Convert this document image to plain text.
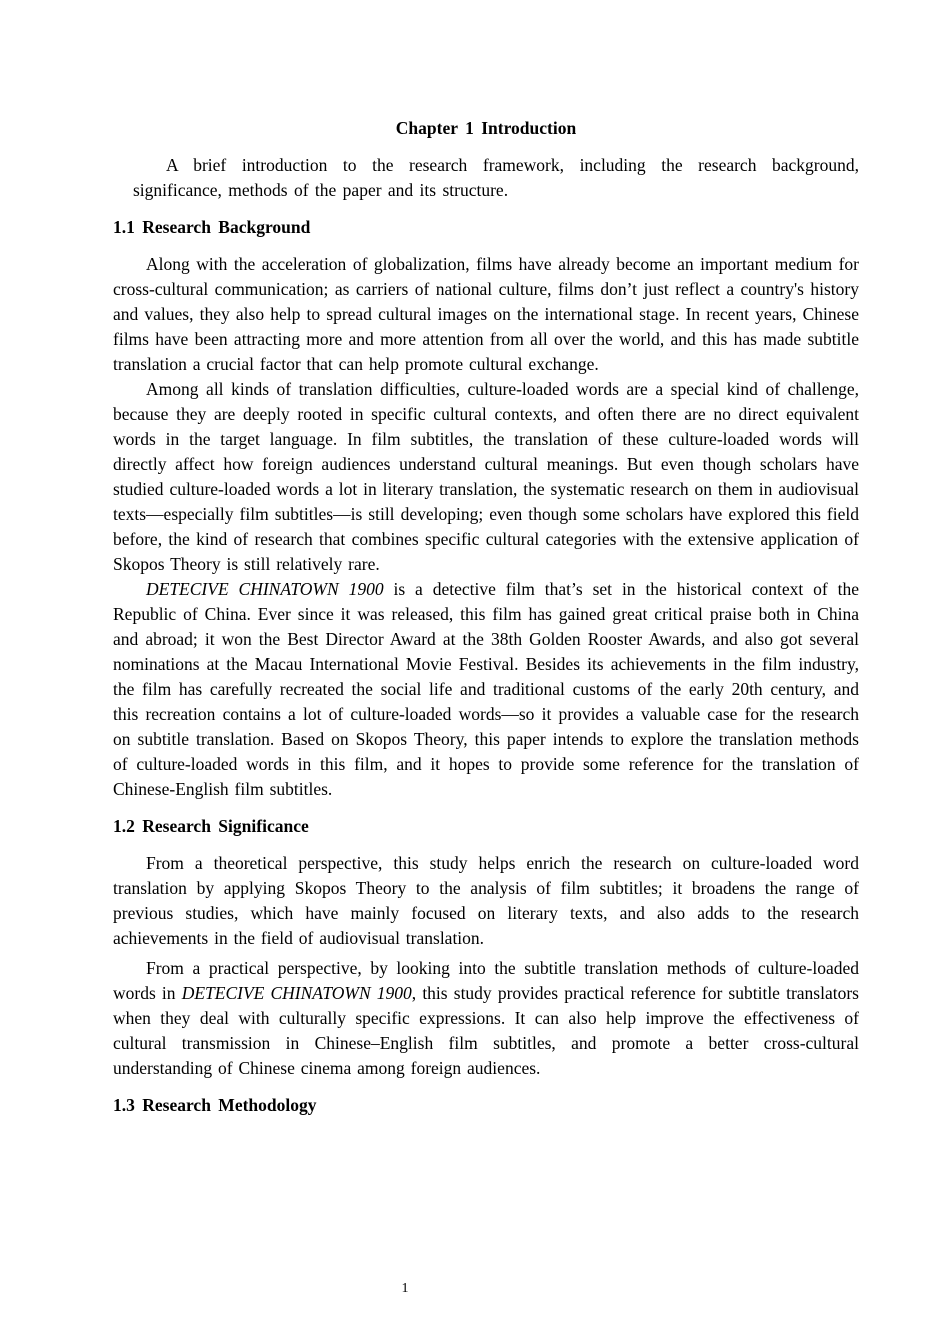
Chapter 1 Introduction

A brief introduction to the research framework, including the research background, significance, methods of the paper and its structure.

1.1 Research Background

Along with the acceleration of globalization, films have already become an important medium for cross-cultural communication; as carriers of national culture, films don’t just reflect a country's history and values, they also help to spread cultural images on the international stage. In recent years, Chinese films have been attracting more and more attention from all over the world, and this has made subtitle translation a crucial factor that can help promote cultural exchange.

Among all kinds of translation difficulties, culture-loaded words are a special kind of challenge, because they are deeply rooted in specific cultural contexts, and often there are no direct equivalent words in the target language. In film subtitles, the translation of these culture-loaded words will directly affect how foreign audiences understand cultural meanings. But even though scholars have studied culture-loaded words a lot in literary translation, the systematic research on them in audiovisual texts—especially film subtitles—is still developing; even though some scholars have explored this field before, the kind of research that combines specific cultural categories with the extensive application of Skopos Theory is still relatively rare.

DETECIVE CHINATOWN 1900 is a detective film that’s set in the historical context of the Republic of China. Ever since it was released, this film has gained great critical praise both in China and abroad; it won the Best Director Award at the 38th Golden Rooster Awards, and also got several nominations at the Macau International Movie Festival. Besides its achievements in the film industry, the film has carefully recreated the social life and traditional customs of the early 20th century, and this recreation contains a lot of culture-loaded words—so it provides a valuable case for the research on subtitle translation. Based on Skopos Theory, this paper intends to explore the translation methods of culture-loaded words in this film, and it hopes to provide some reference for the translation of Chinese-English film subtitles.

1.2 Research Significance

From a theoretical perspective, this study helps enrich the research on culture-loaded word translation by applying Skopos Theory to the analysis of film subtitles; it broadens the range of previous studies, which have mainly focused on literary texts, and also adds to the research achievements in the field of audiovisual translation.

From a practical perspective, by looking into the subtitle translation methods of culture-loaded words in DETECIVE CHINATOWN 1900, this study provides practical reference for subtitle translators when they deal with culturally specific expressions. It can also help improve the effectiveness of cultural transmission in Chinese–English film subtitles, and promote a better cross-cultural understanding of Chinese cinema among foreign audiences.

1.3 Research Methodology
1
